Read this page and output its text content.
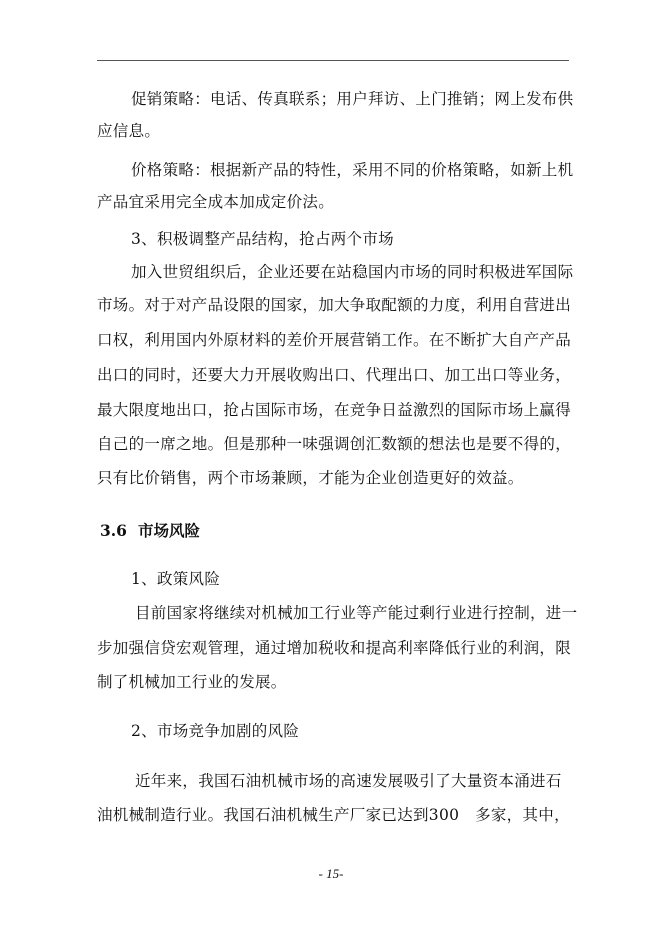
促销策略：电话、传真联系；用户拜访、上门推销；网上发布供
应信息。
价格策略：根据新产品的特性，采用不同的价格策略，如新上机
产品宜采用完全成本加成定价法。
3、积极调整产品结构，抢占两个市场
加入世贸组织后，企业还要在站稳国内市场的同时积极进军国际
市场。对于对产品设限的国家，加大争取配额的力度，利用自营进出
口权，利用国内外原材料的差价开展营销工作。在不断扩大自产产品
出口的同时，还要大力开展收购出口、代理出口、加工出口等业务，
最大限度地出口，抢占国际市场，在竞争日益激烈的国际市场上赢得
自己的一席之地。但是那种一味强调创汇数额的想法也是要不得的，
只有比价销售，两个市场兼顾，才能为企业创造更好的效益。
3.6 市场风险
1、政策风险
目前国家将继续对机械加工行业等产能过剩行业进行控制，进一
步加强信贷宏观管理，通过增加税收和提高利率降低行业的利润，限
制了机械加工行业的发展。
2、市场竞争加剧的风险
近年来，我国石油机械市场的高速发展吸引了大量资本涌进石
油机械制造行业。我国石油机械生产厂家已达到300　多家，其中，
- 15-
